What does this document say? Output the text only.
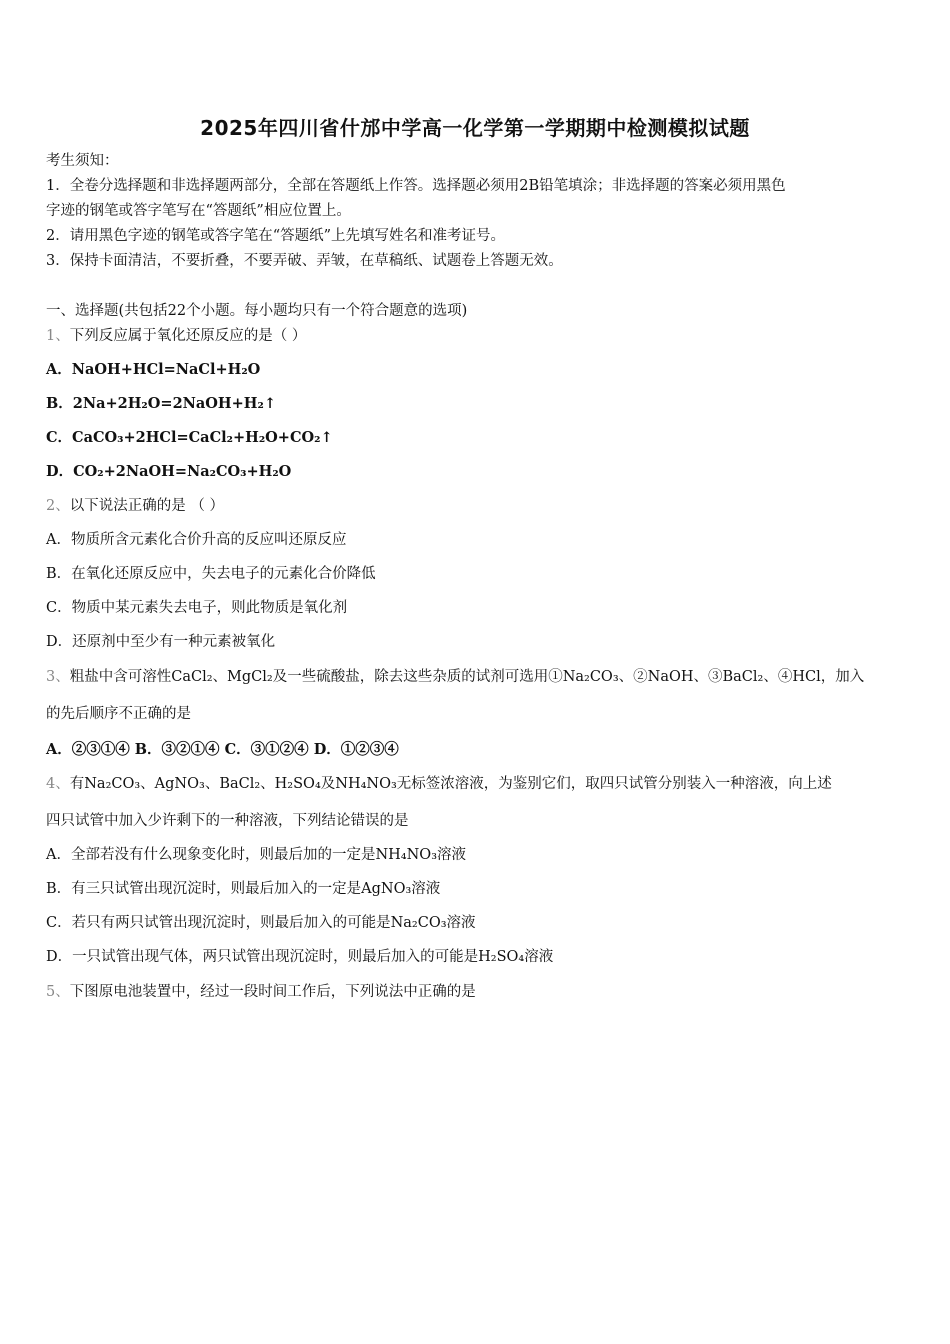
2025年四川省什邡中学高一化学第一学期期中检测模拟试题
考生须知：
1．全卷分选择题和非选择题两部分，全部在答题纸上作答。选择题必须用2B铅笔填涂；非选择题的答案必须用黑色
字迹的钢笔或答字笔写在“答题纸”相应位置上。
2．请用黑色字迹的钢笔或答字笔在“答题纸”上先填写姓名和准考证号。
3．保持卡面清洁，不要折叠，不要弄破、弄皱，在草稿纸、试题卷上答题无效。
一、选择题(共包括22个小题。每小题均只有一个符合题意的选项)
1、下列反应属于氧化还原反应的是（ ）
A．NaOH+HCl=NaCl+H₂O
B．2Na+2H₂O=2NaOH+H₂↑
C．CaCO₃+2HCl=CaCl₂+H₂O+CO₂↑
D．CO₂+2NaOH=Na₂CO₃+H₂O
2、以下说法正确的是 （ ）
A．物质所含元素化合价升高的反应叫还原反应
B．在氧化还原反应中，失去电子的元素化合价降低
C．物质中某元素失去电子，则此物质是氧化剂
D．还原剂中至少有一种元素被氧化
3、粗盐中含可溶性CaCl₂、MgCl₂及一些硫酸盐，除去这些杂质的试剂可选用①Na₂CO₃、②NaOH、③BaCl₂、④HCl，加入
的先后顺序不正确的是
A．②③①④ B．③②①④ C．③①②④ D．①②③④
4、有Na₂CO₃、AgNO₃、BaCl₂、H₂SO₄及NH₄NO₃无标签浓溶液，为鉴别它们，取四只试管分别装入一种溶液，向上述
四只试管中加入少许剩下的一种溶液，下列结论错误的是
A．全部若没有什么现象变化时，则最后加的一定是NH₄NO₃溶液
B．有三只试管出现沉淀时，则最后加入的一定是AgNO₃溶液
C．若只有两只试管出现沉淀时，则最后加入的可能是Na₂CO₃溶液
D．一只试管出现气体，两只试管出现沉淀时，则最后加入的可能是H₂SO₄溶液
5、下图原电池装置中，经过一段时间工作后，下列说法中正确的是
